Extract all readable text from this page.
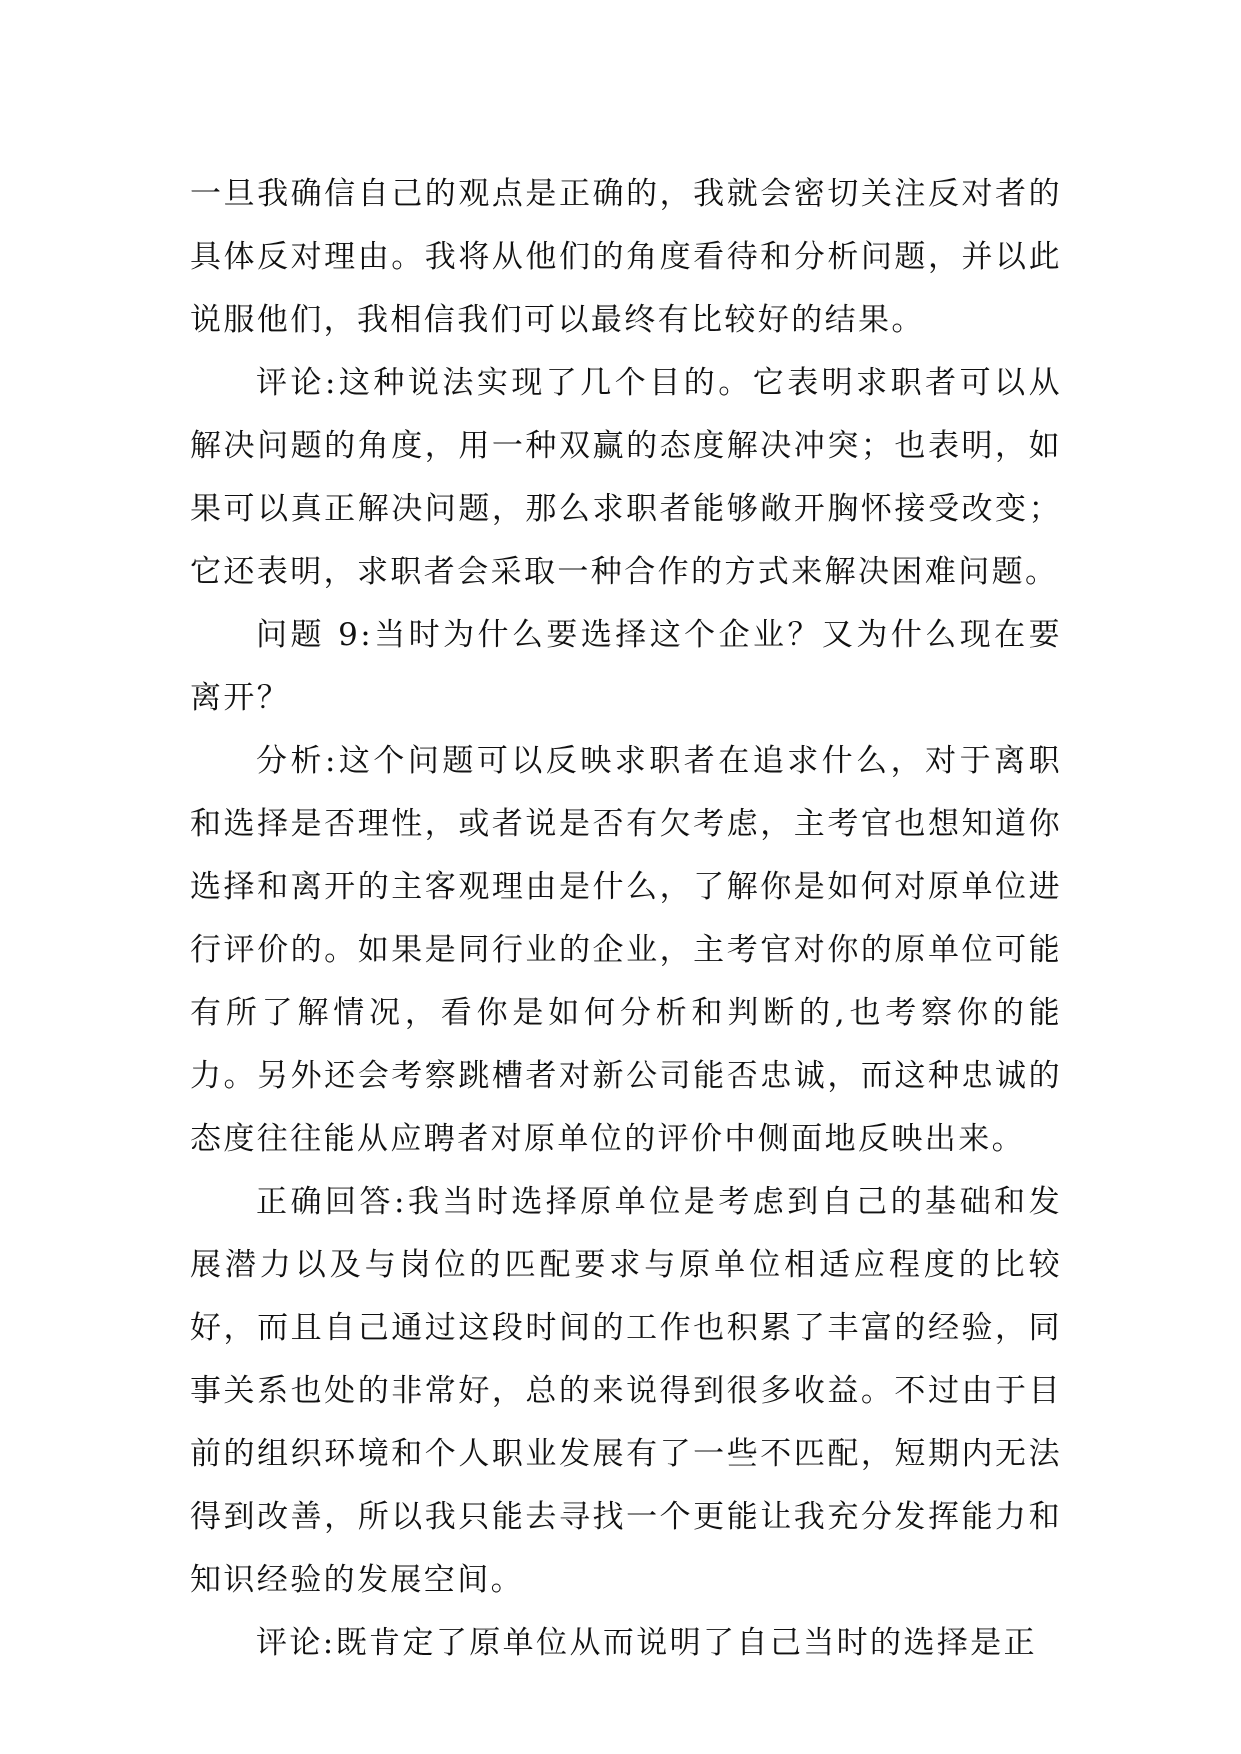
一旦我确信自己的观点是正确的，我就会密切关注反对者的具体反对理由。我将从他们的角度看待和分析问题，并以此说服他们，我相信我们可以最终有比较好的结果。

评论:这种说法实现了几个目的。它表明求职者可以从解决问题的角度，用一种双赢的态度解决冲突；也表明，如果可以真正解决问题，那么求职者能够敞开胸怀接受改变；它还表明，求职者会采取一种合作的方式来解决困难问题。

问题 9:当时为什么要选择这个企业？又为什么现在要离开？

分析:这个问题可以反映求职者在追求什么，对于离职和选择是否理性，或者说是否有欠考虑，主考官也想知道你选择和离开的主客观理由是什么，了解你是如何对原单位进行评价的。如果是同行业的企业，主考官对你的原单位可能有所了解情况，看你是如何分析和判断的,也考察你的能力。另外还会考察跳槽者对新公司能否忠诚，而这种忠诚的态度往往能从应聘者对原单位的评价中侧面地反映出来。

正确回答:我当时选择原单位是考虑到自己的基础和发展潜力以及与岗位的匹配要求与原单位相适应程度的比较好，而且自己通过这段时间的工作也积累了丰富的经验，同事关系也处的非常好，总的来说得到很多收益。不过由于目前的组织环境和个人职业发展有了一些不匹配，短期内无法得到改善，所以我只能去寻找一个更能让我充分发挥能力和知识经验的发展空间。

评论:既肯定了原单位从而说明了自己当时的选择是正
